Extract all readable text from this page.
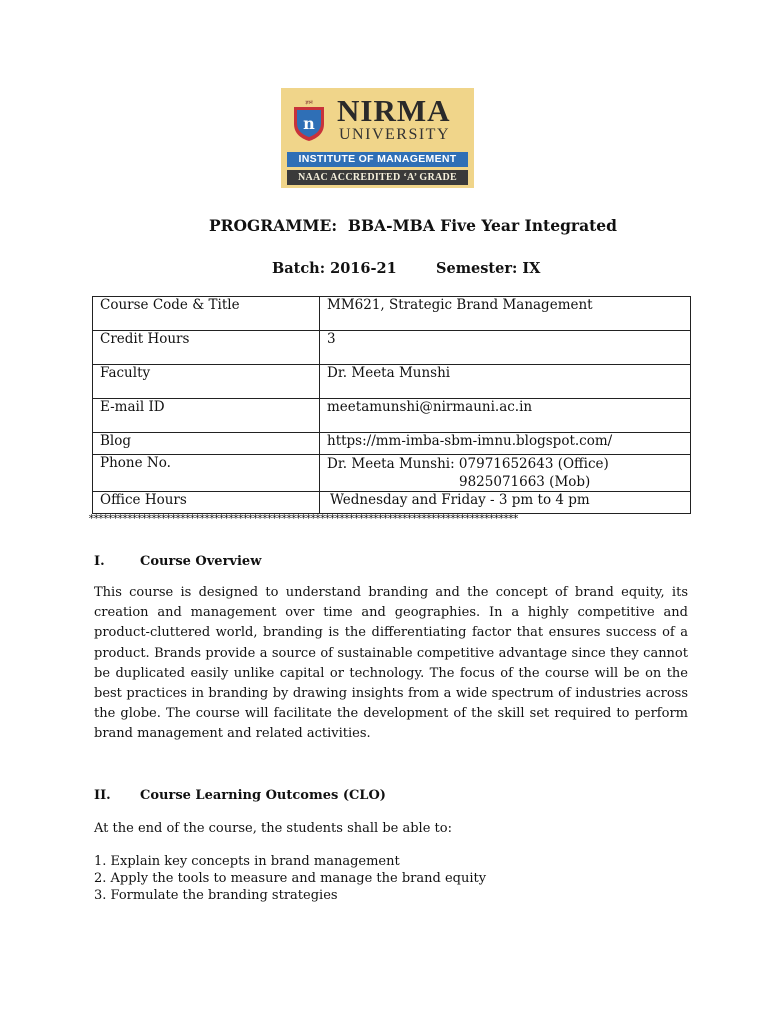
ज्ञानं
n NIRMA
UNIVERSITY
INSTITUTE OF MANAGEMENT
NAAC ACCREDITED ‘A’ GRADE
PROGRAMME:  BBA-MBA Five Year Integrated
Batch: 2016-21	Semester: IX
Course Code & Title	MM621, Strategic Brand Management
Credit Hours	3
Faculty	Dr. Meeta Munshi
E-mail ID	meetamunshi@nirmauni.ac.in
Blog	https://mm-imba-sbm-imnu.blogspot.com/
Phone No.	Dr. Meeta Munshi: 07971652643 (Office)
9825071663 (Mob)

Office Hours	Wednesday and Friday - 3 pm to 4 pm
*****************************************************************************************
I.	Course Overview

This course is designed to understand branding and the concept of brand equity, its creation and management over time and geographies. In a highly competitive and product-cluttered world, branding is the differentiating factor that ensures success of a product. Brands provide a source of sustainable competitive advantage since they cannot be duplicated easily unlike capital or technology. The focus of the course will be on the best practices in branding by drawing insights from a wide spectrum of industries across the globe. The course will facilitate the development of the skill set required to perform brand management and related activities.

II. Course Learning Outcomes (CLO)
At the end of the course, the students shall be able to:
1. Explain key concepts in brand management
2. Apply the tools to measure and manage the brand equity
3. Formulate the branding strategies
